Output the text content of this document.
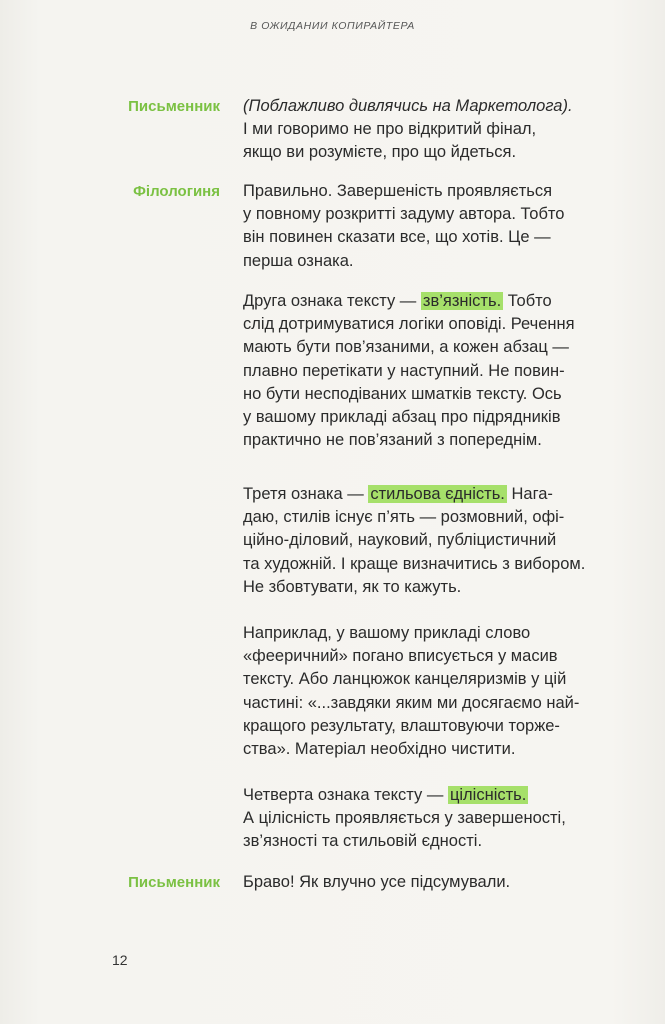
В ОЖИДАНИИ КОПИРАЙТЕРА
Письменник (Поблажливо дивлячись на Маркетолога).
І ми говоримо не про відкритий фінал,
якщо ви розумієте, про що йдеться.
Філологиня Правильно. Завершеність проявляється
у повному розкритті задуму автора. Тобто
він повинен сказати все, що хотів. Це —
перша ознака.
Друга ознака тексту — зв’язність. Тобто
слід дотримуватися логіки оповіді. Речення
мають бути пов’язаними, а кожен абзац —
плавно перетікати у наступний. Не повин-
но бути несподіваних шматків тексту. Ось
у вашому прикладі абзац про підрядників
практично не пов’язаний з попереднім.
Третя ознака — стильова єдність. Нага-
даю, стилів існує п’ять — розмовний, офі-
ційно-діловий, науковий, публіцистичний
та художній. І краще визначитись з вибором.
Не збовтувати, як то кажуть.
Наприклад, у вашому прикладі слово
«фееричний» погано вписується у масив
тексту. Або ланцюжок канцеляризмів у цій
частині: «...завдяки яким ми досягаємо най-
кращого результату, влаштовуючи торже-
ства». Матеріал необхідно чистити.
Четверта ознака тексту — цілісність.
А цілісність проявляється у завершеності,
зв’язності та стильовій єдності.
Письменник Браво! Як влучно усе підсумували.
12
